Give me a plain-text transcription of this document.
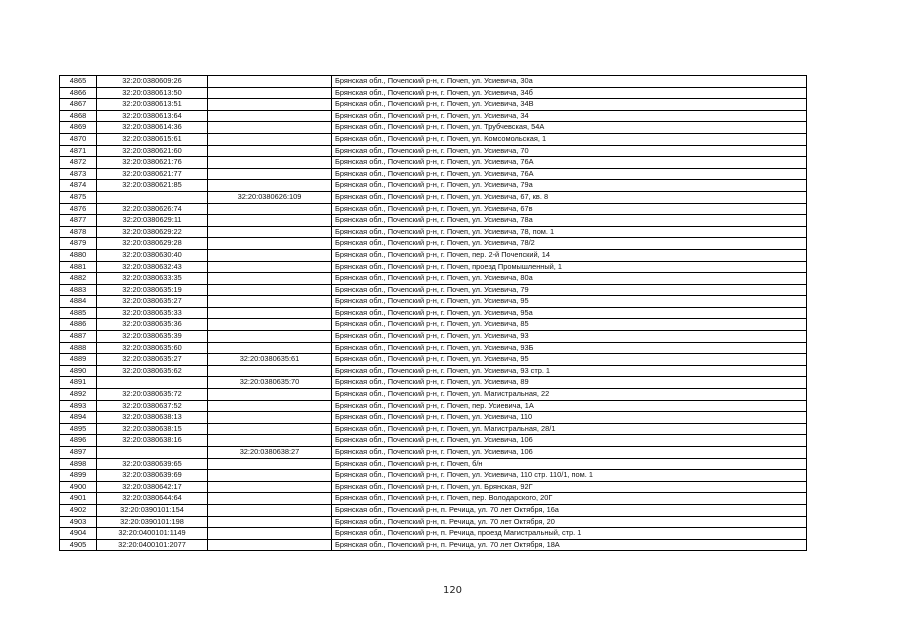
4865	32:20:0380609:26		Брянская обл., Почепский р-н, г. Почеп, ул. Усиевича, 30а
4866	32:20:0380613:50		Брянская обл., Почепский р-н, г. Почеп, ул. Усиевича, 34б
4867	32:20:0380613:51		Брянская обл., Почепский р-н, г. Почеп, ул. Усиевича, 34В
4868	32:20:0380613:64		Брянская обл., Почепский р-н, г. Почеп, ул. Усиевича, 34
4869	32:20:0380614:36		Брянская обл., Почепский р-н, г. Почеп, ул. Трубчевская, 54А
4870	32:20:0380615:61		Брянская обл., Почепский р-н, г. Почеп, ул. Комсомольская, 1
4871	32:20:0380621:60		Брянская обл., Почепский р-н, г. Почеп, ул. Усиевича, 70
4872	32:20:0380621:76		Брянская обл., Почепский р-н, г. Почеп, ул. Усиевича, 76А
4873	32:20:0380621:77		Брянская обл., Почепский р-н, г. Почеп, ул. Усиевича, 76А
4874	32:20:0380621:85		Брянская обл., Почепский р-н, г. Почеп, ул. Усиевича, 79а
4875		32:20:0380626:109	Брянская обл., Почепский р-н, г. Почеп, ул. Усиевича, 67, кв. 8
4876	32:20:0380626:74		Брянская обл., Почепский р-н, г. Почеп, ул. Усиевича, 67в
4877	32:20:0380629:11		Брянская обл., Почепский р-н, г. Почеп, ул. Усиевича, 78а
4878	32:20:0380629:22		Брянская обл., Почепский р-н, г. Почеп, ул. Усиевича, 78, пом. 1
4879	32:20:0380629:28		Брянская обл., Почепский р-н, г. Почеп, ул. Усиевича, 78/2
4880	32:20:0380630:40		Брянская обл., Почепский р-н, г. Почеп, пер. 2-й Почепский, 14
4881	32:20:0380632:43		Брянская обл., Почепский р-н, г. Почеп, проезд Промышленный, 1
4882	32:20:0380633:35		Брянская обл., Почепский р-н, г. Почеп, ул. Усиевича, 80а
4883	32:20:0380635:19		Брянская обл., Почепский р-н, г. Почеп, ул. Усиевича, 79
4884	32:20:0380635:27		Брянская обл., Почепский р-н, г. Почеп, ул. Усиевича, 95
4885	32:20:0380635:33		Брянская обл., Почепский р-н, г. Почеп, ул. Усиевича, 95а
4886	32:20:0380635:36		Брянская обл., Почепский р-н, г. Почеп, ул. Усиевича, 85
4887	32:20:0380635:39		Брянская обл., Почепский р-н, г. Почеп, ул. Усиевича, 93
4888	32:20:0380635:60		Брянская обл., Почепский р-н, г. Почеп, ул. Усиевича, 93Б
4889	32:20:0380635:27	32:20:0380635:61	Брянская обл., Почепский р-н, г. Почеп, ул. Усиевича, 95
4890	32:20:0380635:62		Брянская обл., Почепский р-н, г. Почеп, ул. Усиевича, 93 стр. 1
4891		32:20:0380635:70	Брянская обл., Почепский р-н, г. Почеп, ул. Усиевича, 89
4892	32:20:0380635:72		Брянская обл., Почепский р-н, г. Почеп, ул. Магистральная, 22
4893	32:20:0380637:52		Брянская обл., Почепский р-н, г. Почеп, пер. Усиевича, 1А
4894	32:20:0380638:13		Брянская обл., Почепский р-н, г. Почеп, ул. Усиевича, 110
4895	32:20:0380638:15		Брянская обл., Почепский р-н, г. Почеп, ул. Магистральная, 28/1
4896	32:20:0380638:16		Брянская обл., Почепский р-н, г. Почеп, ул. Усиевича, 106
4897		32:20:0380638:27	Брянская обл., Почепский р-н, г. Почеп, ул. Усиевича, 106
4898	32:20:0380639:65		Брянская обл., Почепский р-н, г. Почеп, б/н
4899	32:20:0380639:69		Брянская обл., Почепский р-н, г. Почеп, ул. Усиевича, 110 стр. 110/1, пом. 1
4900	32:20:0380642:17		Брянская обл., Почепский р-н, г. Почеп, ул. Брянская, 92Г
4901	32:20:0380644:64		Брянская обл., Почепский р-н, г. Почеп, пер. Володарского, 20Г
4902	32:20:0390101:154		Брянская обл., Почепский р-н, п. Речица, ул. 70 лет Октября, 16а
4903	32:20:0390101:198		Брянская обл., Почепский р-н, п. Речица, ул. 70 лет Октября, 20
4904	32:20:0400101:1149		Брянская обл., Почепский р-н, п. Речица, проезд Магистральный, стр. 1
4905	32:20:0400101:2077		Брянская обл., Почепский р-н, п. Речица, ул. 70 лет Октября, 18А
120
